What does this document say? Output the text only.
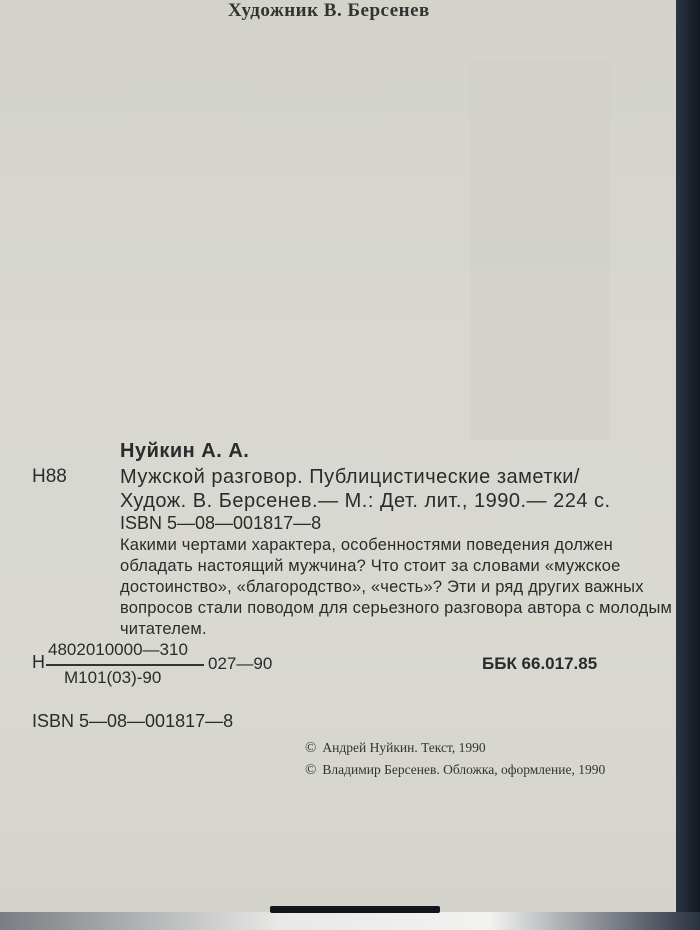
Художник В. Берсенев
Нуйкин А. А.
Н88	Мужской разговор. Публицистические заметки/
Худож. В. Берсенев.— М.: Дет. лит., 1990.— 224 с.
ISBN 5—08—001817—8
Какими чертами характера, особенностями поведения должен
обладать настоящий мужчина? Что стоит за словами «мужское
достоинство», «благородство», «честь»? Эти и ряд других важных
вопросов стали поводом для серьезного разговора автора с молодым
читателем.
Н
4802010000—310
М101(03)-90
027—90	ББК 66.017.85
ISBN 5—08—001817—8
© Андрей Нуйкин. Текст, 1990
© Владимир Берсенев. Обложка, оформление, 1990
